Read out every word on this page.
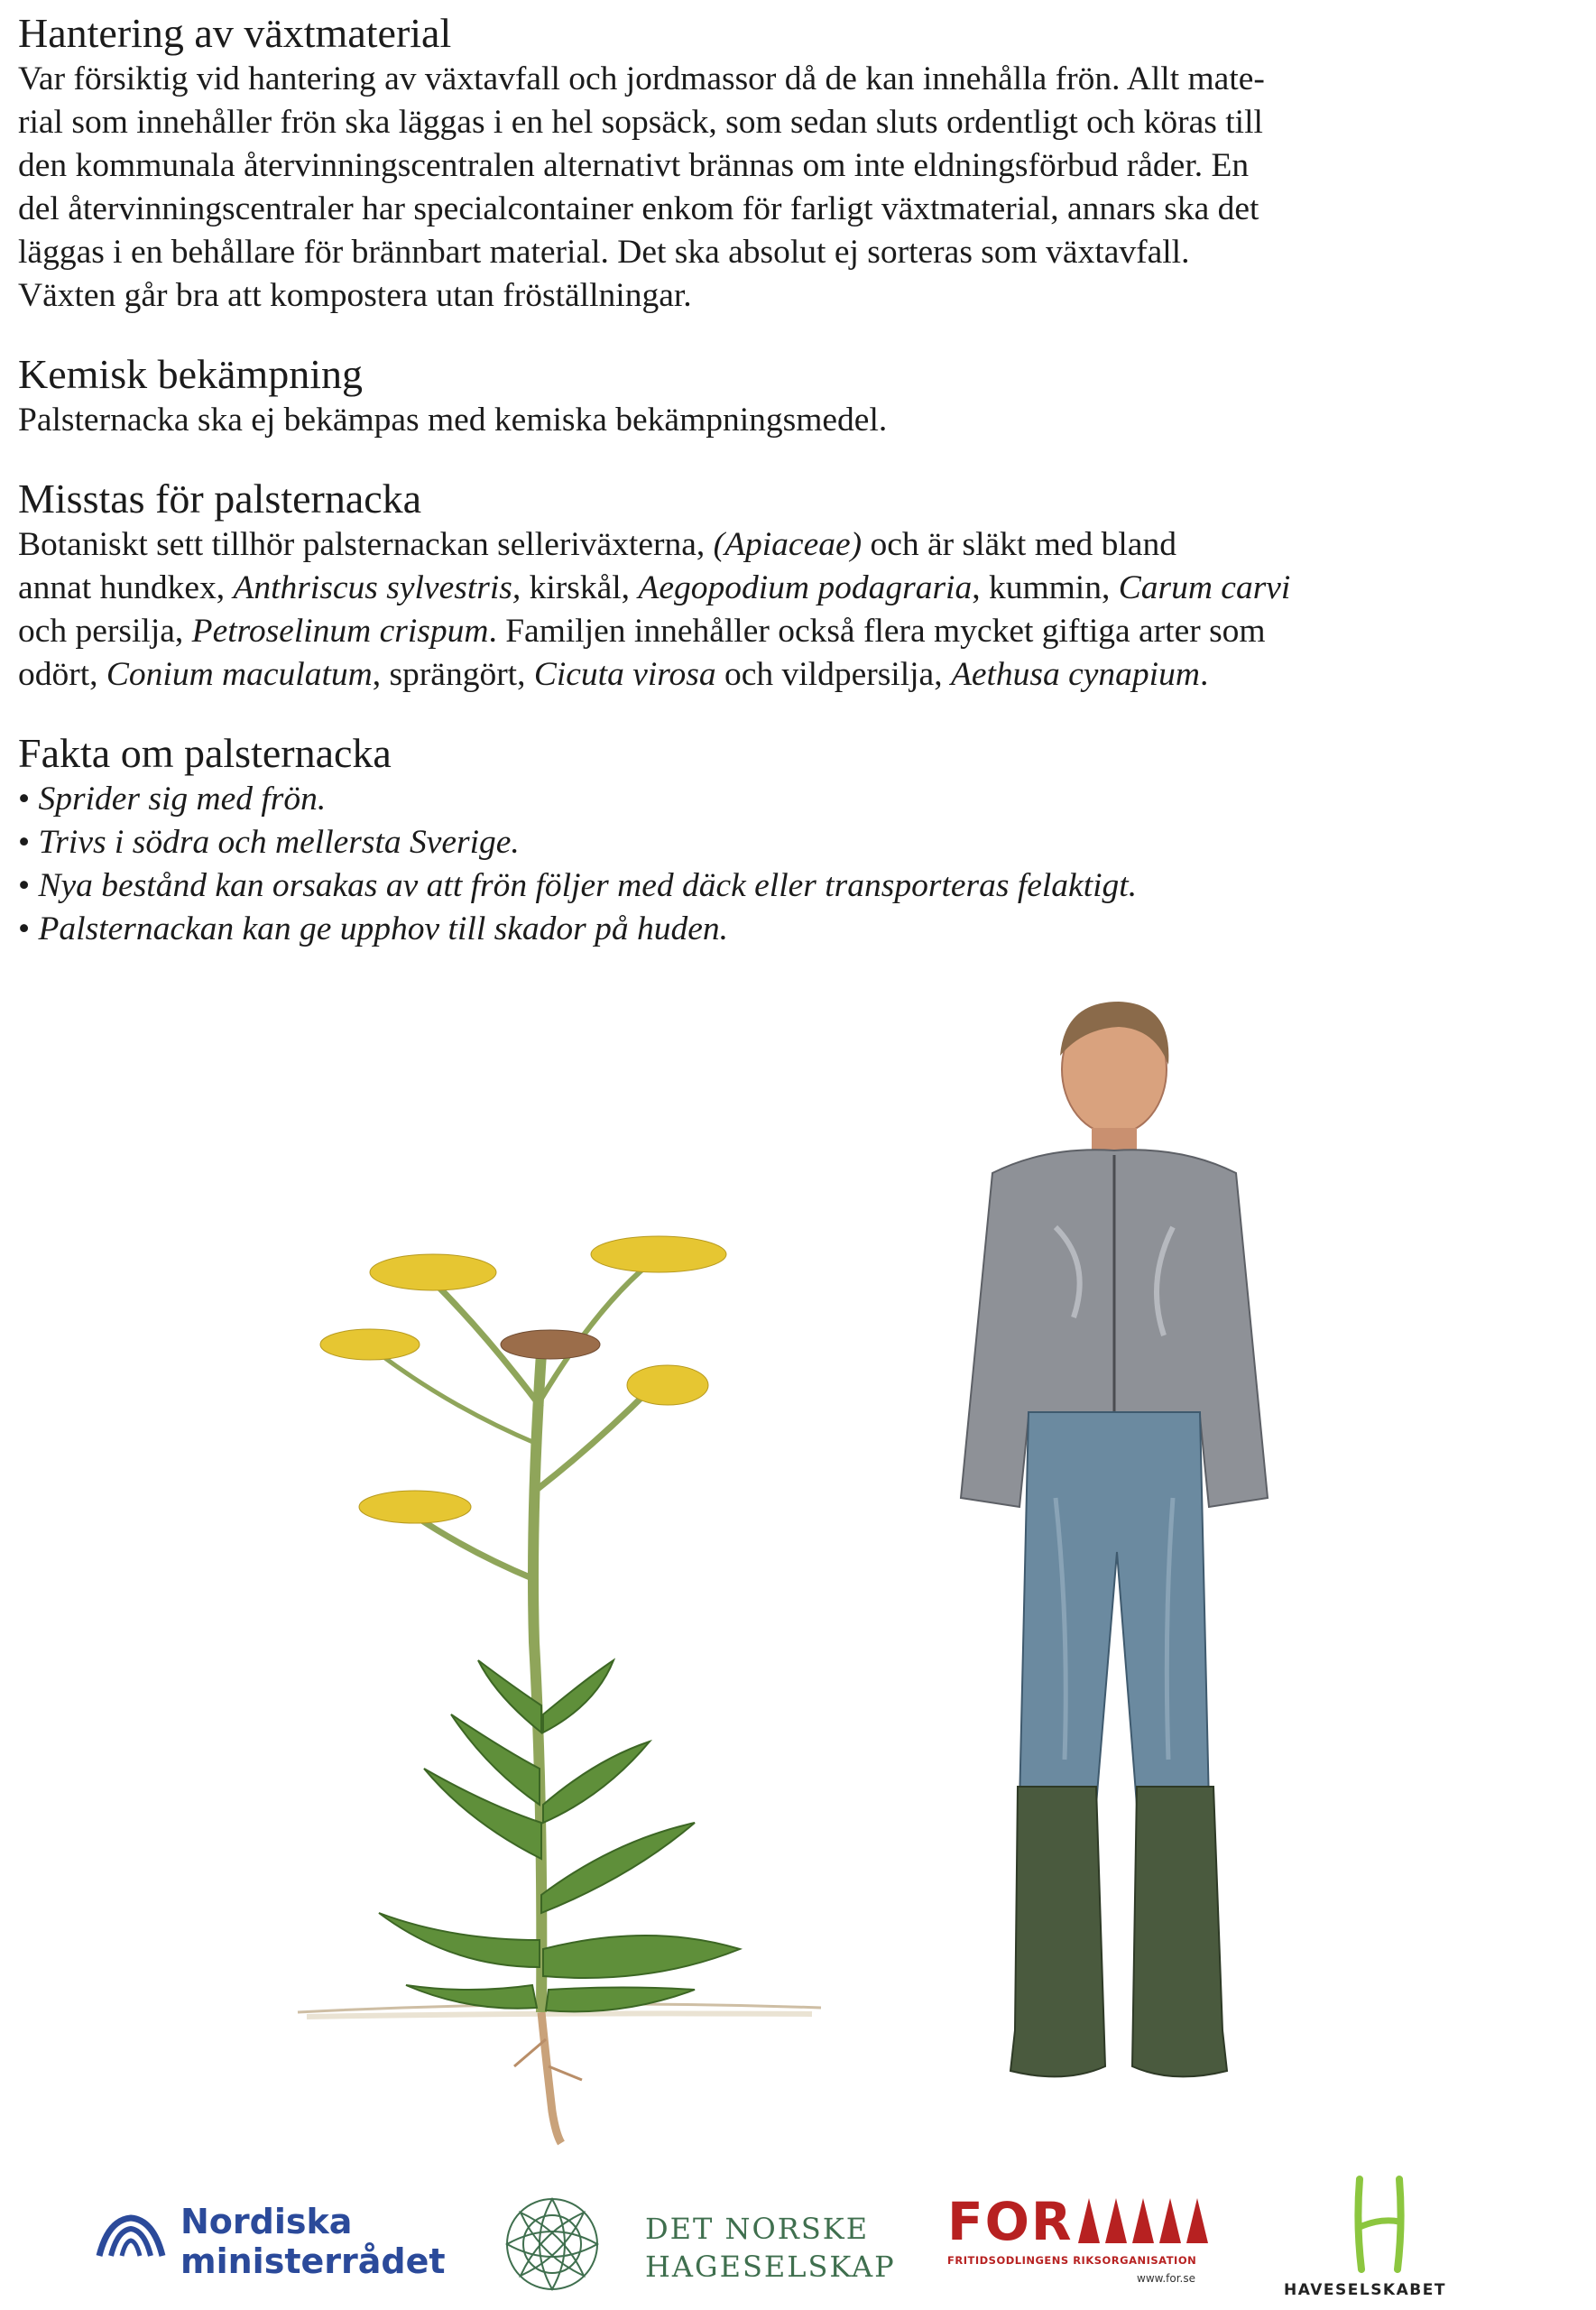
Hantering av växtmaterial
Var försiktig vid hantering av växtavfall och jordmassor då de kan innehålla frön. Allt mate-
rial som innehåller frön ska läggas i en hel sopsäck, som sedan sluts ordentligt och köras till
den kommunala återvinningscentralen alternativt brännas om inte eldningsförbud råder. En
del återvinningscentraler har specialcontainer enkom för farligt växtmaterial, annars ska det
läggas i en behållare för brännbart material. Det ska absolut ej sorteras som växtavfall.
Växten går bra att kompostera utan fröställningar.
Kemisk bekämpning
Palsternacka ska ej bekämpas med kemiska bekämpningsmedel.
Misstas för palsternacka
Botaniskt sett tillhör palsternackan selleriväxterna, (Apiaceae) och är släkt med bland
annat hundkex, Anthriscus sylvestris, kirskål, Aegopodium podagraria, kummin, Carum carvi
och persilja, Petroselinum crispum. Familjen innehåller också flera mycket giftiga arter som
odört, Conium maculatum, sprängört, Cicuta virosa och vildpersilja, Aethusa cynapium.
Fakta om palsternacka
• Sprider sig med frön.
• Trivs i södra och mellersta Sverige.
• Nya bestånd kan orsakas av att frön följer med däck eller transporteras felaktigt.
• Palsternackan kan ge upphov till skador på huden.
Nordiska
ministerrådet
DET NORSKE
HAGESELSKAP
FOR
FRITIDSODLINGENS RIKSORGANISATION
www.for.se
HAVESELSKABET
